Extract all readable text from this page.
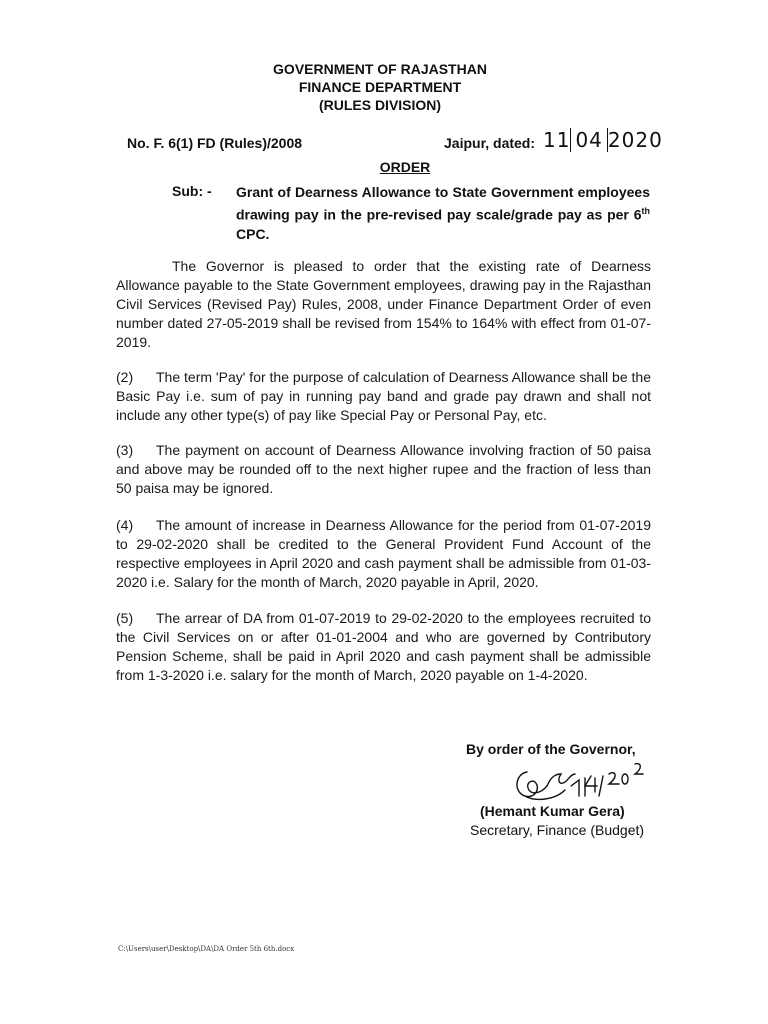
GOVERNMENT OF RAJASTHAN
FINANCE DEPARTMENT
(RULES DIVISION)
No. F. 6(1) FD (Rules)/2008	Jaipur, dated: 11 04 2020
ORDER
Sub: - Grant of Dearness Allowance to State Government employees drawing pay in the pre-revised pay scale/grade pay as per 6th CPC.
The Governor is pleased to order that the existing rate of Dearness Allowance payable to the State Government employees, drawing pay in the Rajasthan Civil Services (Revised Pay) Rules, 2008, under Finance Department Order of even number dated 27-05-2019 shall be revised from 154% to 164% with effect from 01-07-2019.
(2) The term 'Pay' for the purpose of calculation of Dearness Allowance shall be the Basic Pay i.e. sum of pay in running pay band and grade pay drawn and shall not include any other type(s) of pay like Special Pay or Personal Pay, etc.
(3) The payment on account of Dearness Allowance involving fraction of 50 paisa and above may be rounded off to the next higher rupee and the fraction of less than 50 paisa may be ignored.
(4) The amount of increase in Dearness Allowance for the period from 01-07-2019 to 29-02-2020 shall be credited to the General Provident Fund Account of the respective employees in April 2020 and cash payment shall be admissible from 01-03-2020 i.e. Salary for the month of March, 2020 payable in April, 2020.
(5) The arrear of DA from 01-07-2019 to 29-02-2020 to the employees recruited to the Civil Services on or after 01-01-2004 and who are governed by Contributory Pension Scheme, shall be paid in April 2020 and cash payment shall be admissible from 1-3-2020 i.e. salary for the month of March, 2020 payable on 1-4-2020.
By order of the Governor,
(Hemant Kumar Gera)
Secretary, Finance (Budget)
C:\Users\user\Desktop\DA\DA Order 5th 6th.docx
